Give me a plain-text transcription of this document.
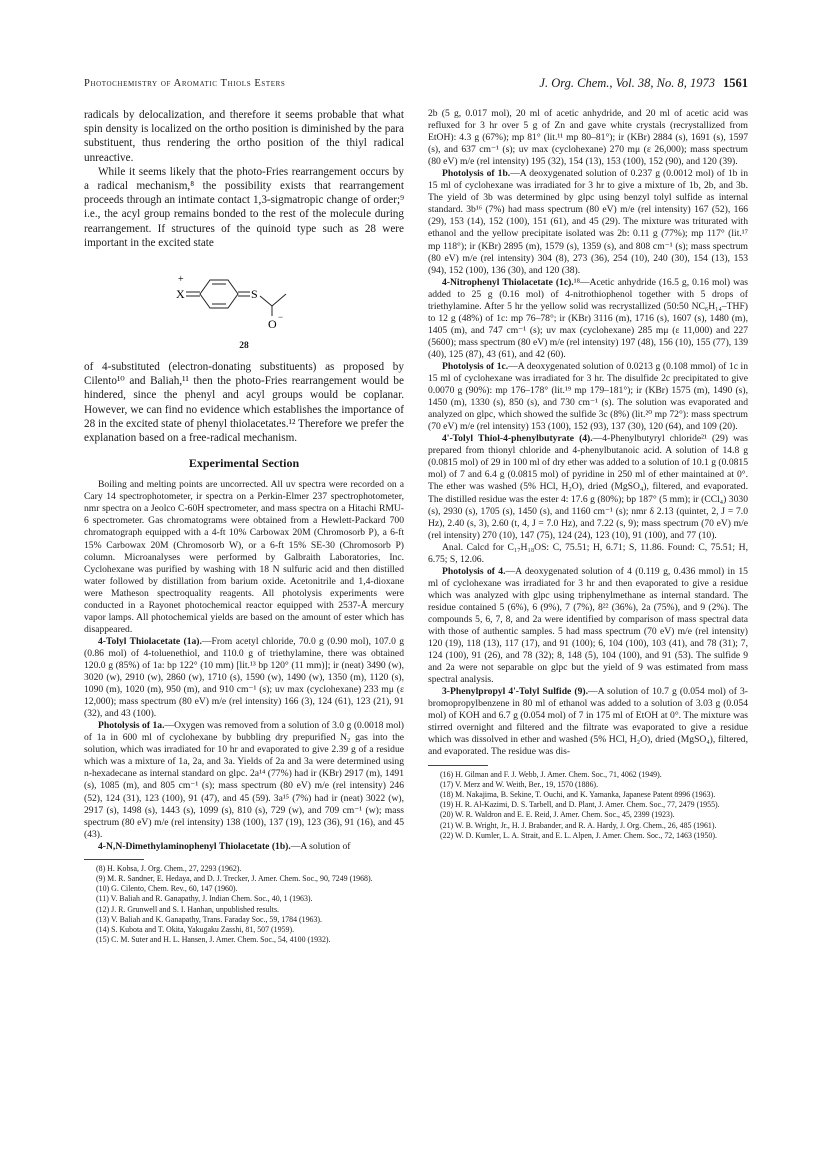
Photochemistry of Aromatic Thiols Esters	J. Org. Chem., Vol. 38, No. 8, 1973 1561

radicals by delocalization, and therefore it seems probable that what spin density is localized on the ortho position is diminished by the para substituent, thus rendering the ortho position of the thiyl radical unreactive.

While it seems likely that the photo-Fries rearrangement occurs by a radical mechanism,⁸ the possibility exists that rearrangement proceeds through an intimate contact 1,3-sigmatropic change of order;⁹ i.e., the acyl group remains bonded to the rest of the molecule during rearrangement. If structures of the quinoid type such as 28 were important in the excited state

X
+
S
O −
28

of 4-substituted (electron-donating substituents) as proposed by Cilento¹⁰ and Baliah,¹¹ then the photo-Fries rearrangement would be hindered, since the phenyl and acyl groups would be coplanar. However, we can find no evidence which establishes the importance of 28 in the excited state of phenyl thiolacetates.¹² Therefore we prefer the explanation based on a free-radical mechanism.

Experimental Section

Boiling and melting points are uncorrected. All uv spectra were recorded on a Cary 14 spectrophotometer, ir spectra on a Perkin-Elmer 237 spectrophotometer, nmr spectra on a Jeolco C-60H spectrometer, and mass spectra on a Hitachi RMU-6 spectrometer. Gas chromatograms were obtained from a Hewlett-Packard 700 chromatograph equipped with a 4-ft 10% Carbowax 20M (Chromosorb P), a 6-ft 15% Carbowax 20M (Chromosorb W), or a 6-ft 15% SE-30 (Chromosorb P) column. Microanalyses were performed by Galbraith Laboratories, Inc. Cyclohexane was purified by washing with 18 N sulfuric acid and then distilled water followed by distillation from barium oxide. Acetonitrile and 1,4-dioxane were Matheson spectroquality reagents. All photolysis experiments were conducted in a Rayonet photochemical reactor equipped with 2537-Å mercury vapor lamps. All photochemical yields are based on the amount of ester which has disappeared.

4-Tolyl Thiolacetate (1a).—From acetyl chloride, 70.0 g (0.90 mol), 107.0 g (0.86 mol) of 4-toluenethiol, and 110.0 g of triethylamine, there was obtained 120.0 g (85%) of 1a: bp 122° (10 mm) [lit.¹³ bp 120° (11 mm)]; ir (neat) 3490 (w), 3020 (w), 2910 (w), 2860 (w), 1710 (s), 1590 (w), 1490 (w), 1350 (m), 1120 (s), 1090 (m), 1020 (m), 950 (m), and 910 cm⁻¹ (s); uv max (cyclohexane) 233 mμ (ε 12,000); mass spectrum (80 eV) m/e (rel intensity) 166 (3), 124 (61), 123 (21), 91 (32), and 43 (100).

Photolysis of 1a.—Oxygen was removed from a solution of 3.0 g (0.0018 mol) of 1a in 600 ml of cyclohexane by bubbling dry prepurified N₂ gas into the solution, which was irradiated for 10 hr and evaporated to give 2.39 g of a residue which was a mixture of 1a, 2a, and 3a. Yields of 2a and 3a were determined using n-hexadecane as internal standard on glpc. 2a¹⁴ (77%) had ir (KBr) 2917 (m), 1491 (s), 1085 (m), and 805 cm⁻¹ (s); mass spectrum (80 eV) m/e (rel intensity) 246 (52), 124 (31), 123 (100), 91 (47), and 45 (59). 3a¹⁵ (7%) had ir (neat) 3022 (w), 2917 (s), 1498 (s), 1443 (s), 1099 (s), 810 (s), 729 (w), and 709 cm⁻¹ (w); mass spectrum (80 eV) m/e (rel intensity) 138 (100), 137 (19), 123 (36), 91 (16), and 45 (43).

4-N,N-Dimethylaminophenyl Thiolacetate (1b).—A solution of

(8) H. Kobsa, J. Org. Chem., 27, 2293 (1962).
(9) M. R. Sandner, E. Hedaya, and D. J. Trecker, J. Amer. Chem. Soc., 90, 7249 (1968).
(10) G. Cilento, Chem. Rev., 60, 147 (1960).
(11) V. Baliah and R. Ganapathy, J. Indian Chem. Soc., 40, 1 (1963).
(12) J. R. Grunwell and S. I. Hanhan, unpublished results.
(13) V. Baliah and K. Ganapathy, Trans. Faraday Soc., 59, 1784 (1963).
(14) S. Kubota and T. Okita, Yakugaku Zasshi, 81, 507 (1959).
(15) C. M. Suter and H. L. Hansen, J. Amer. Chem. Soc., 54, 4100 (1932).

2b (5 g, 0.017 mol), 20 ml of acetic anhydride, and 20 ml of acetic acid was refluxed for 3 hr over 5 g of Zn and gave white crystals (recrystallized from EtOH): 4.3 g (67%); mp 81° (lit.¹¹ mp 80–81°); ir (KBr) 2884 (s), 1691 (s), 1597 (s), and 637 cm⁻¹ (s); uv max (cyclohexane) 270 mμ (ε 26,000); mass spectrum (80 eV) m/e (rel intensity) 195 (32), 154 (13), 153 (100), 152 (90), and 120 (39).

Photolysis of 1b.—A deoxygenated solution of 0.237 g (0.0012 mol) of 1b in 15 ml of cyclohexane was irradiated for 3 hr to give a mixture of 1b, 2b, and 3b. The yield of 3b was determined by glpc using benzyl tolyl sulfide as internal standard. 3b¹⁶ (7%) had mass spectrum (80 eV) m/e (rel intensity) 167 (52), 166 (29), 153 (14), 152 (100), 151 (61), and 45 (29). The mixture was triturated with ethanol and the yellow precipitate isolated was 2b: 0.11 g (77%); mp 117° (lit.¹⁷ mp 118°); ir (KBr) 2895 (m), 1579 (s), 1359 (s), and 808 cm⁻¹ (s); mass spectrum (80 eV) m/e (rel intensity) 304 (8), 273 (36), 254 (10), 240 (30), 154 (13), 153 (94), 152 (100), 136 (30), and 120 (38).

4-Nitrophenyl Thiolacetate (1c).¹⁸—Acetic anhydride (16.5 g, 0.16 mol) was added to 25 g (0.16 mol) of 4-nitrothiophenol together with 5 drops of triethylamine. After 5 hr the yellow solid was recrystallized (50:50 NC₆H₁₄–THF) to 12 g (48%) of 1c: mp 76–78°; ir (KBr) 3116 (m), 1716 (s), 1607 (s), 1480 (m), 1405 (m), and 747 cm⁻¹ (s); uv max (cyclohexane) 285 mμ (ε 11,000) and 227 (5600); mass spectrum (80 eV) m/e (rel intensity) 197 (48), 156 (10), 155 (77), 139 (40), 125 (87), 43 (61), and 42 (60).

Photolysis of 1c.—A deoxygenated solution of 0.0213 g (0.108 mmol) of 1c in 15 ml of cyclohexane was irradiated for 3 hr. The disulfide 2c precipitated to give 0.0070 g (90%): mp 176–178° (lit.¹⁹ mp 179–181°); ir (KBr) 1575 (m), 1490 (s), 1450 (m), 1330 (s), 850 (s), and 730 cm⁻¹ (s). The solution was evaporated and analyzed on glpc, which showed the sulfide 3c (8%) (lit.²⁰ mp 72°): mass spectrum (70 eV) m/e (rel intensity) 153 (100), 152 (93), 137 (30), 120 (64), and 109 (20).

4'-Tolyl Thiol-4-phenylbutyrate (4).—4-Phenylbutyryl chloride²¹ (29) was prepared from thionyl chloride and 4-phenylbutanoic acid. A solution of 14.8 g (0.0815 mol) of 29 in 100 ml of dry ether was added to a solution of 10.1 g (0.0815 mol) of 7 and 6.4 g (0.0815 mol) of pyridine in 250 ml of ether maintained at 0°. The ether was washed (5% HCl, H₂O), dried (MgSO₄), filtered, and evaporated. The distilled residue was the ester 4: 17.6 g (80%); bp 187° (5 mm); ir (CCl₄) 3030 (s), 2930 (s), 1705 (s), 1450 (s), and 1160 cm⁻¹ (s); nmr δ 2.13 (quintet, 2, J = 7.0 Hz), 2.40 (s, 3), 2.60 (t, 4, J = 7.0 Hz), and 7.22 (s, 9); mass spectrum (70 eV) m/e (rel intensity) 270 (10), 147 (75), 124 (24), 123 (10), 91 (100), and 77 (10).

Anal. Calcd for C₁₇H₁₈OS: C, 75.51; H, 6.71; S, 11.86. Found: C, 75.51; H, 6.75; S, 12.06.

Photolysis of 4.—A deoxygenated solution of 4 (0.119 g, 0.436 mmol) in 15 ml of cyclohexane was irradiated for 3 hr and then evaporated to give a residue which was analyzed with glpc using triphenylmethane as internal standard. The residue contained 5 (6%), 6 (9%), 7 (7%), 8²² (36%), 2a (75%), and 9 (2%). The compounds 5, 6, 7, 8, and 2a were identified by comparison of mass spectral data with those of authentic samples. 5 had mass spectrum (70 eV) m/e (rel intensity) 120 (19), 118 (13), 117 (17), and 91 (100); 6, 104 (100), 103 (41), and 78 (31); 7, 124 (100), 91 (26), and 78 (32); 8, 148 (5), 104 (100), and 91 (53). The sulfide 9 and 2a were not separable on glpc but the yield of 9 was estimated from mass spectral analysis.

3-Phenylpropyl 4'-Tolyl Sulfide (9).—A solution of 10.7 g (0.054 mol) of 3-bromopropylbenzene in 80 ml of ethanol was added to a solution of 3.03 g (0.054 mol) of KOH and 6.7 g (0.054 mol) of 7 in 175 ml of EtOH at 0°. The mixture was stirred overnight and filtered and the filtrate was evaporated to give a residue which was dissolved in ether and washed (5% HCl, H₂O), dried (MgSO₄), filtered, and evaporated. The residue was dis-

(16) H. Gilman and F. J. Webb, J. Amer. Chem. Soc., 71, 4062 (1949).
(17) V. Merz and W. Weith, Ber., 19, 1570 (1886).
(18) M. Nakajima, B. Sekine, T. Ouchi, and K. Yamanka, Japanese Patent 8996 (1963).
(19) H. R. Al-Kazimi, D. S. Tarbell, and D. Plant, J. Amer. Chem. Soc., 77, 2479 (1955).
(20) W. R. Waldron and E. E. Reid, J. Amer. Chem. Soc., 45, 2399 (1923).
(21) W. B. Wright, Jr., H. J. Brabander, and R. A. Hardy, J. Org. Chem., 26, 485 (1961).
(22) W. D. Kumler, L. A. Strait, and E. L. Alpen, J. Amer. Chem. Soc., 72, 1463 (1950).
